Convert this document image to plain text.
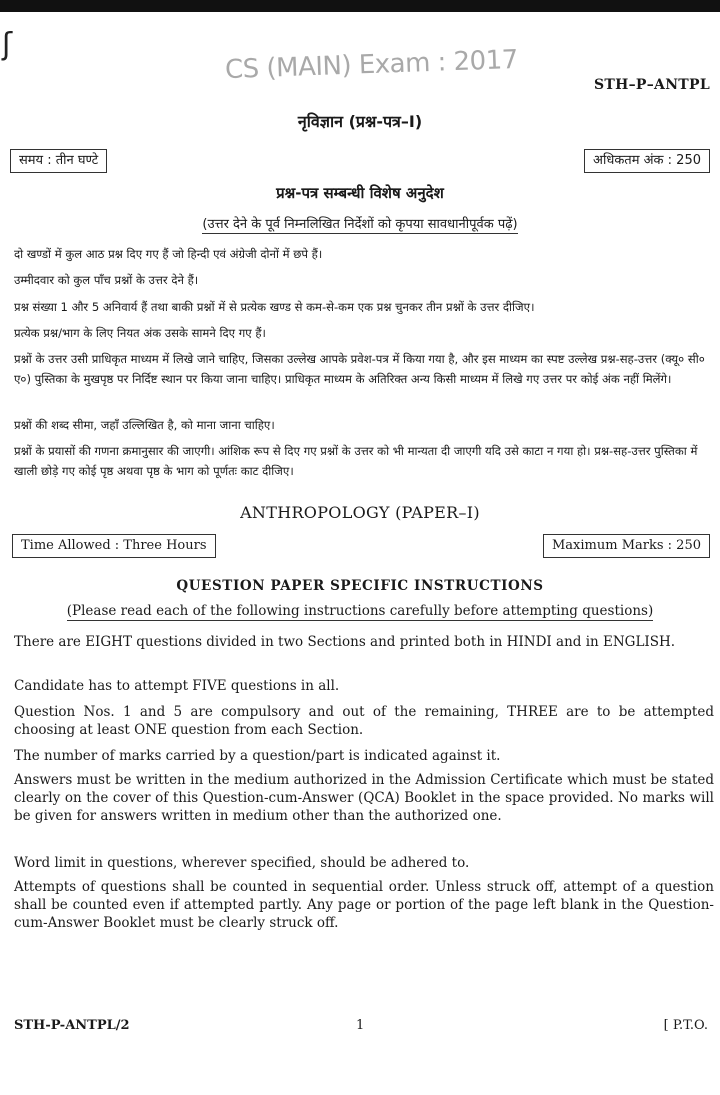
ʃ
CS (MAIN) Exam : 2017	STH–P–ANTPL
नृविज्ञान (प्रश्न-पत्र–I)
समय : तीन घण्टे	अधिकतम अंक : 250
प्रश्न-पत्र सम्बन्धी विशेष अनुदेश
(उत्तर देने के पूर्व निम्नलिखित निर्देशों को कृपया सावधानीपूर्वक पढ़ें)
दो खण्डों में कुल आठ प्रश्न दिए गए हैं जो हिन्दी एवं अंग्रेजी दोनों में छपे हैं।
उम्मीदवार को कुल पाँच प्रश्नों के उत्तर देने हैं।
प्रश्न संख्या 1 और 5 अनिवार्य हैं तथा बाकी प्रश्नों में से प्रत्येक खण्ड से कम-से-कम एक प्रश्न चुनकर तीन प्रश्नों के उत्तर दीजिए।
प्रत्येक प्रश्न/भाग के लिए नियत अंक उसके सामने दिए गए हैं।
प्रश्नों के उत्तर उसी प्राधिकृत माध्यम में लिखे जाने चाहिए, जिसका उल्लेख आपके प्रवेश-पत्र में किया गया है, और इस माध्यम का स्पष्ट उल्लेख प्रश्न-सह-उत्तर (क्यू० सी० ए०) पुस्तिका के मुखपृष्ठ पर निर्दिष्ट स्थान पर किया जाना चाहिए। प्राधिकृत माध्यम के अतिरिक्त अन्य किसी माध्यम में लिखे गए उत्तर पर कोई अंक नहीं मिलेंगे।
प्रश्नों की शब्द सीमा, जहाँ उल्लिखित है, को माना जाना चाहिए।
प्रश्नों के प्रयासों की गणना क्रमानुसार की जाएगी। आंशिक रूप से दिए गए प्रश्नों के उत्तर को भी मान्यता दी जाएगी यदि उसे काटा न गया हो। प्रश्न-सह-उत्तर पुस्तिका में खाली छोड़े गए कोई पृष्ठ अथवा पृष्ठ के भाग को पूर्णतः काट दीजिए।
ANTHROPOLOGY (PAPER–I)
Time Allowed : Three Hours	Maximum Marks : 250
QUESTION PAPER SPECIFIC INSTRUCTIONS
(Please read each of the following instructions carefully before attempting questions)
There are EIGHT questions divided in two Sections and printed both in HINDI and in ENGLISH.
Candidate has to attempt FIVE questions in all.
Question Nos. 1 and 5 are compulsory and out of the remaining, THREE are to be attempted choosing at least ONE question from each Section.
The number of marks carried by a question/part is indicated against it.
Answers must be written in the medium authorized in the Admission Certificate which must be stated clearly on the cover of this Question-cum-Answer (QCA) Booklet in the space provided. No marks will be given for answers written in medium other than the authorized one.
Word limit in questions, wherever specified, should be adhered to.
Attempts of questions shall be counted in sequential order. Unless struck off, attempt of a question shall be counted even if attempted partly. Any page or portion of the page left blank in the Question-cum-Answer Booklet must be clearly struck off.
STH-P-ANTPL/2	1	[ P.T.O.
